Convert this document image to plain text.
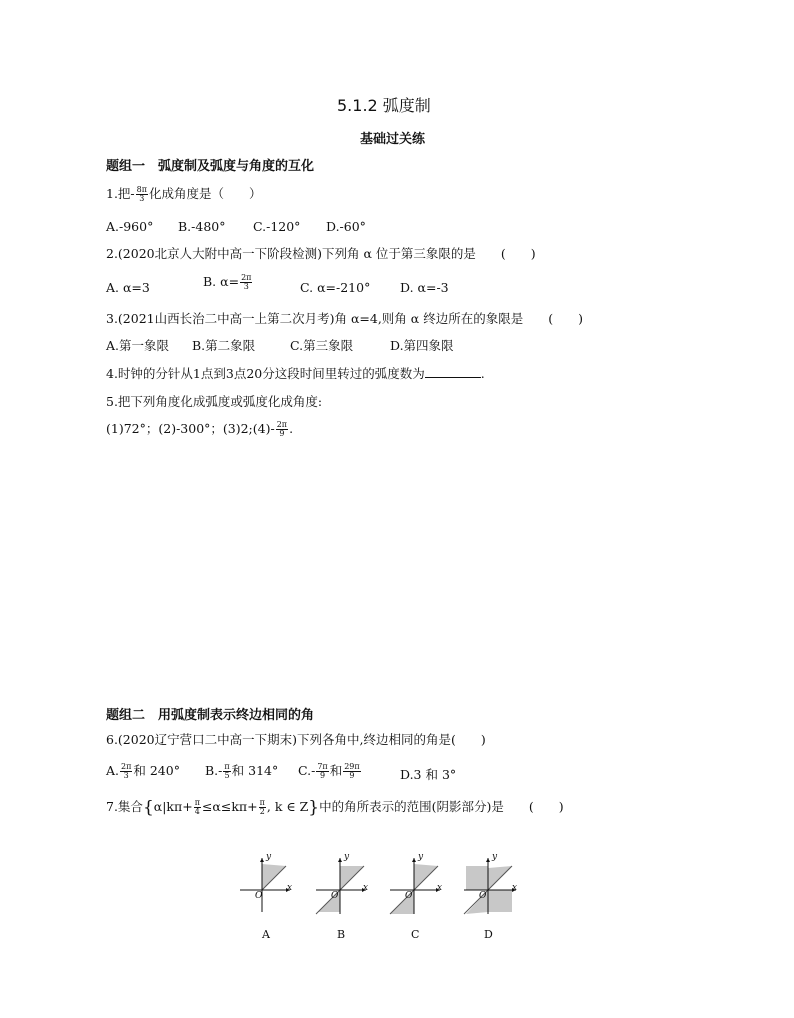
5.1.2 弧度制
基础过关练
题组一　弧度制及弧度与角度的互化
1.把- $\frac{8\pi}{3}$ 化成角度是（　　）
A.-960° B.-480° C.-120° D.-60°
2.(2020北京人大附中高一下阶段检测)下列角 α 位于第三象限的是　　(　　)
A. α=3	B. $\alpha= \frac{2\pi}{3}$	C. α=-210° D. α=-3
3.(2021山西长治二中高一上第二次月考)角 α=4,则角 α 终边所在的象限是　　(　　)
A.第一象限 B.第二象限	C.第三象限	D.第四象限
4.时钟的分针从1点到3点20分这段时间里转过的弧度数为	.
5.把下列角度化成弧度或弧度化成角度:
(1)72°；(2)-300°；(3)2;(4)- $\frac{2\pi}{9}$ .
题组二　用弧度制表示终边相同的角
6.(2020辽宁营口二中高一下期末)下列各角中,终边相同的角是(　　)
A. $\frac{2\pi}{3}$ 和 240° $B.- \frac{\pi}{5}$ 和 314° $C.- \frac{7\pi}{9}$ 和 $\frac{29\pi}{9}$	D.3 和 3°
7.集合{$\alpha|k\pi+ \frac{\pi}{4} \le\alpha\le k\pi+ \frac{\pi}{2}$ , k ∈ Z}中的角所表示的范围(阴影部分)是　　(　　)
y
x
O
A
y
x
O
B
y
x
O
C
y
x
O
D
